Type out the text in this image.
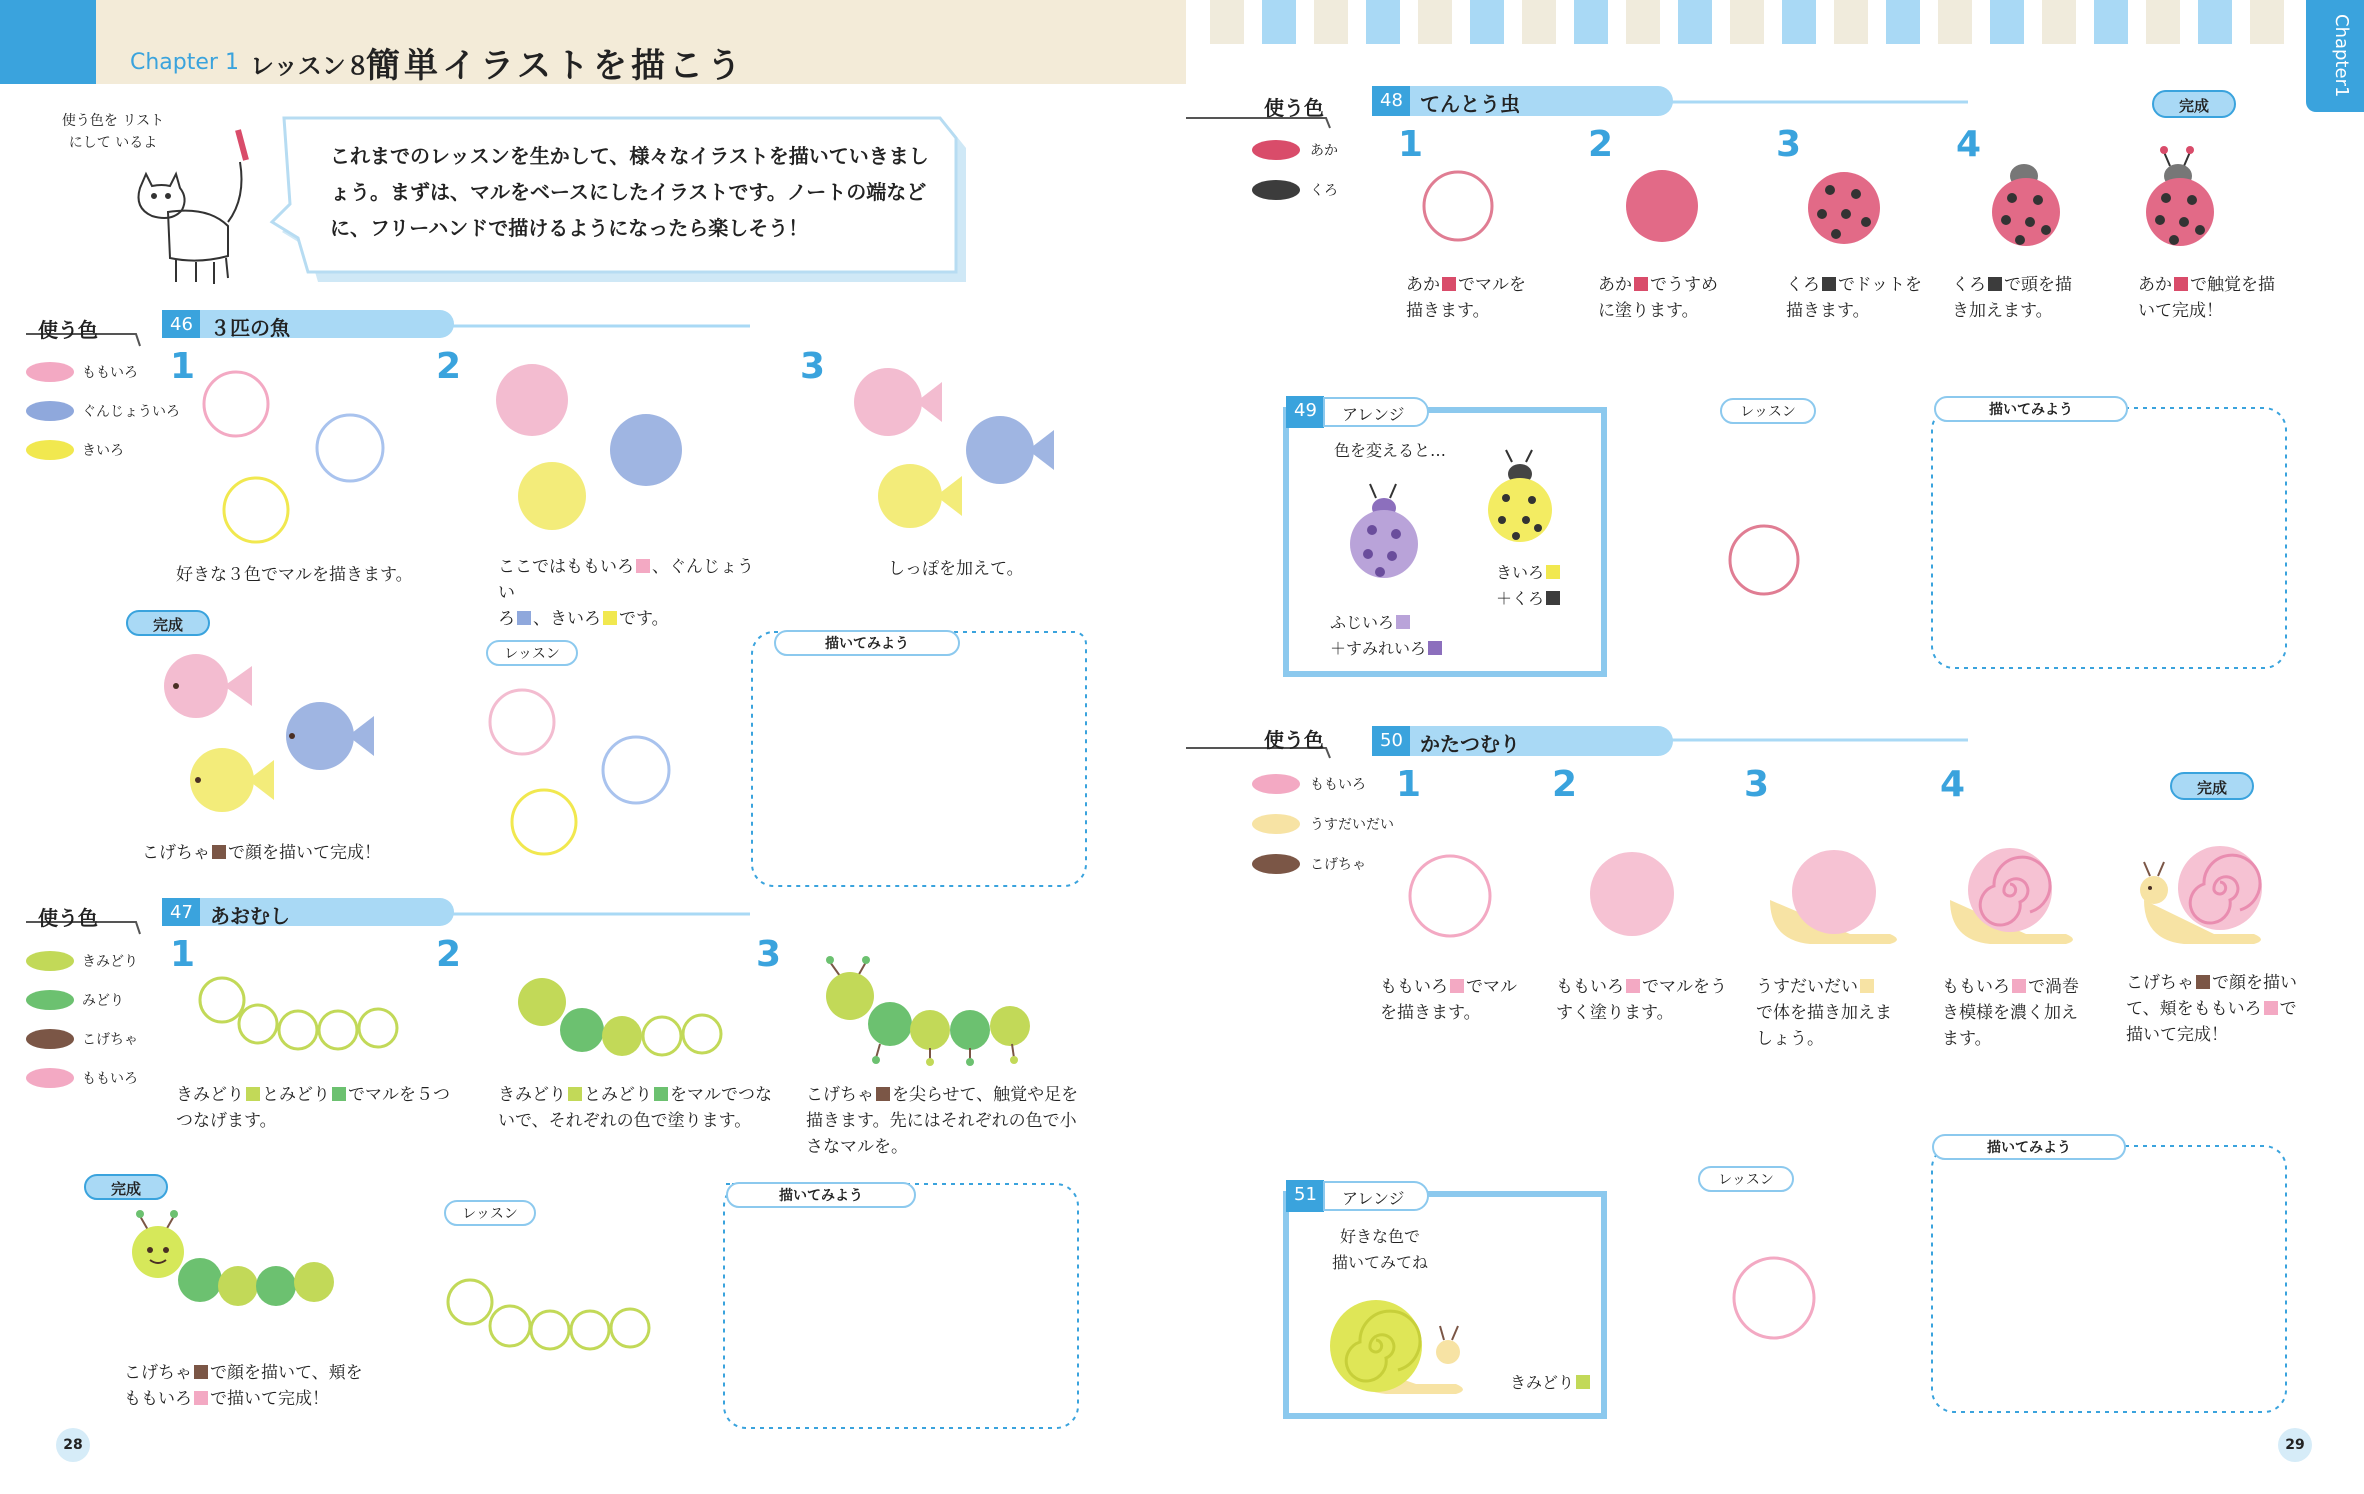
Chapter 1 レッスン８
簡単イラストを描こう	Chapter1
使う色を リストにして いるよ
これまでのレッスンを生かして、様々なイラストを描いていきましょう。まずは、マルをベースにしたイラストです。ノートの端などに、フリーハンドで描けるようになったら楽しそう！
使う色
ももいろ
ぐんじょういろ
きいろ
46 ３匹の魚
1	2	3
好きな３色でマルを描きます。	ここではももいろ 、ぐんじょうい
ろ 、きいろ です。
しっぽを加えて。
完成
レッスン
描いてみよう
こげちゃ で顔を描いて完成！
使う色
きみどり
みどり
こげちゃ
ももいろ
47 あおむし
1	2	3
きみどり とみどり でマルを５つ
つなげます。
きみどり とみどり をマルでつな
いで、それぞれの色で塗ります。
こげちゃ を尖らせて、触覚や足を
描きます。先にはそれぞれの色で小
さなマルを。
完成
レッスン
描いてみよう
こげちゃ で顔を描いて、頬を
ももいろ で描いて完成！
使う色
あか
くろ
48 てんとう虫
1	2	3	4
完成
あか でマルを
描きます。
あか でうすめ
に塗ります。
くろ でドットを
描きます。
くろ で頭を描
き加えます。
あか で触覚を描
いて完成！
49 アレンジ
色を変えると…
ふじいろ
＋すみれいろ
きいろ
＋くろ
レッスン	描いてみよう
使う色
ももいろ
うすだいだい
こげちゃ
50 かたつむり
1	2	3	4	完成
ももいろ でマル
を描きます。
ももいろ でマルをう
すく塗ります。
うすだいだい
で体を描き加えま
しょう。
ももいろ で渦巻
き模様を濃く加え
ます。
こげちゃ で顔を描い
て、頬をももいろ で
描いて完成！
51 アレンジ
好きな色で
描いてみてね
きみどり
レッスン
描いてみよう
28	29
